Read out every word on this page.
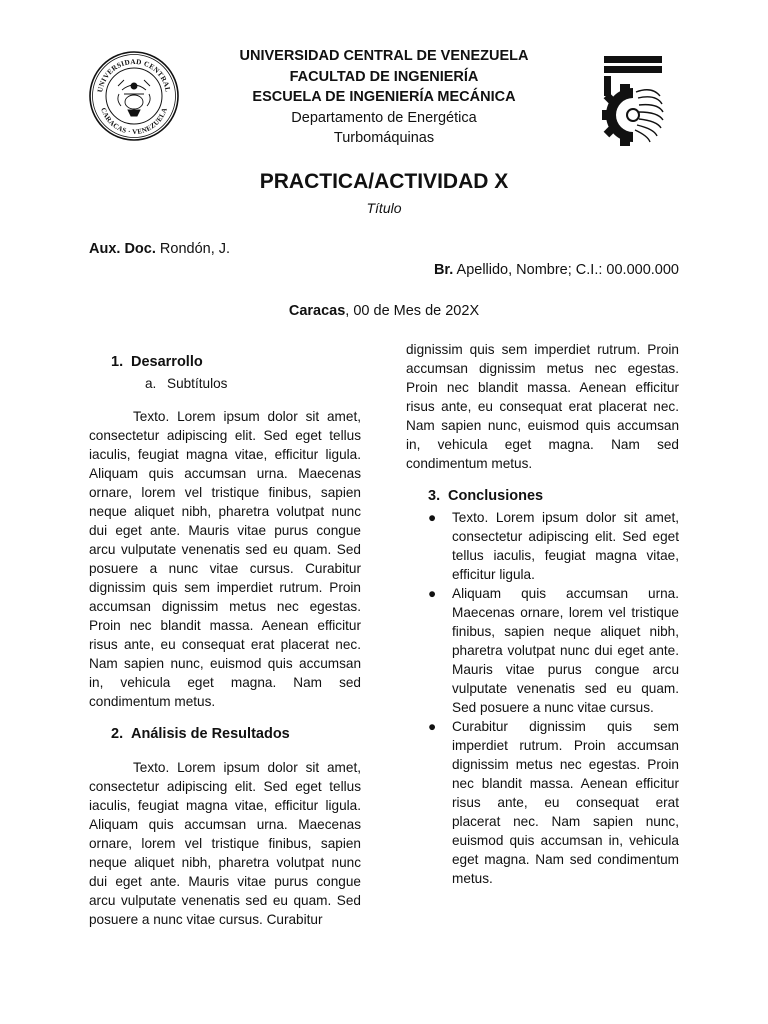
UNIVERSIDAD CENTRAL
CARACAS · VENEZUELA
UNIVERSIDAD CENTRAL DE VENEZUELA
FACULTAD DE INGENIERÍA
ESCUELA DE INGENIERÍA MECÁNICA
Departamento de Energética
Turbomáquinas
PRACTICA/ACTIVIDAD X
Título
Aux. Doc. Rondón, J.
Br. Apellido, Nombre; C.I.: 00.000.000
Caracas, 00 de Mes de 202X
1. Desarrollo
a. Subtítulos

Texto. Lorem ipsum dolor sit amet, consectetur adipiscing elit. Sed eget tellus iaculis, feugiat magna vitae, efficitur ligula. Aliquam quis accumsan urna. Maecenas ornare, lorem vel tristique finibus, sapien neque aliquet nibh, pharetra volutpat nunc dui eget ante. Mauris vitae purus congue arcu vulputate venenatis sed eu quam. Sed posuere a nunc vitae cursus. Curabitur dignissim quis sem imperdiet rutrum. Proin accumsan dignissim metus nec egestas. Proin nec blandit massa. Aenean efficitur risus ante, eu consequat erat placerat nec. Nam sapien nunc, euismod quis accumsan in, vehicula eget magna. Nam sed condimentum metus.

2. Análisis de Resultados

Texto. Lorem ipsum dolor sit amet, consectetur adipiscing elit. Sed eget tellus iaculis, feugiat magna vitae, efficitur ligula. Aliquam quis accumsan urna. Maecenas ornare, lorem vel tristique finibus, sapien neque aliquet nibh, pharetra volutpat nunc dui eget ante. Mauris vitae purus congue arcu vulputate venenatis sed eu quam. Sed posuere a nunc vitae cursus. Curabitur

dignissim quis sem imperdiet rutrum. Proin accumsan dignissim metus nec egestas. Proin nec blandit massa. Aenean efficitur risus ante, eu consequat erat placerat nec. Nam sapien nunc, euismod quis accumsan in, vehicula eget magna. Nam sed condimentum metus.

3. Conclusiones
● Texto. Lorem ipsum dolor sit amet, consectetur adipiscing elit. Sed eget tellus iaculis, feugiat magna vitae, efficitur ligula.
● Aliquam quis accumsan urna. Maecenas ornare, lorem vel tristique finibus, sapien neque aliquet nibh, pharetra volutpat nunc dui eget ante. Mauris vitae purus congue arcu vulputate venenatis sed eu quam. Sed posuere a nunc vitae cursus.
● Curabitur dignissim quis sem imperdiet rutrum. Proin accumsan dignissim metus nec egestas. Proin nec blandit massa. Aenean efficitur risus ante, eu consequat erat placerat nec. Nam sapien nunc, euismod quis accumsan in, vehicula eget magna. Nam sed condimentum metus.
